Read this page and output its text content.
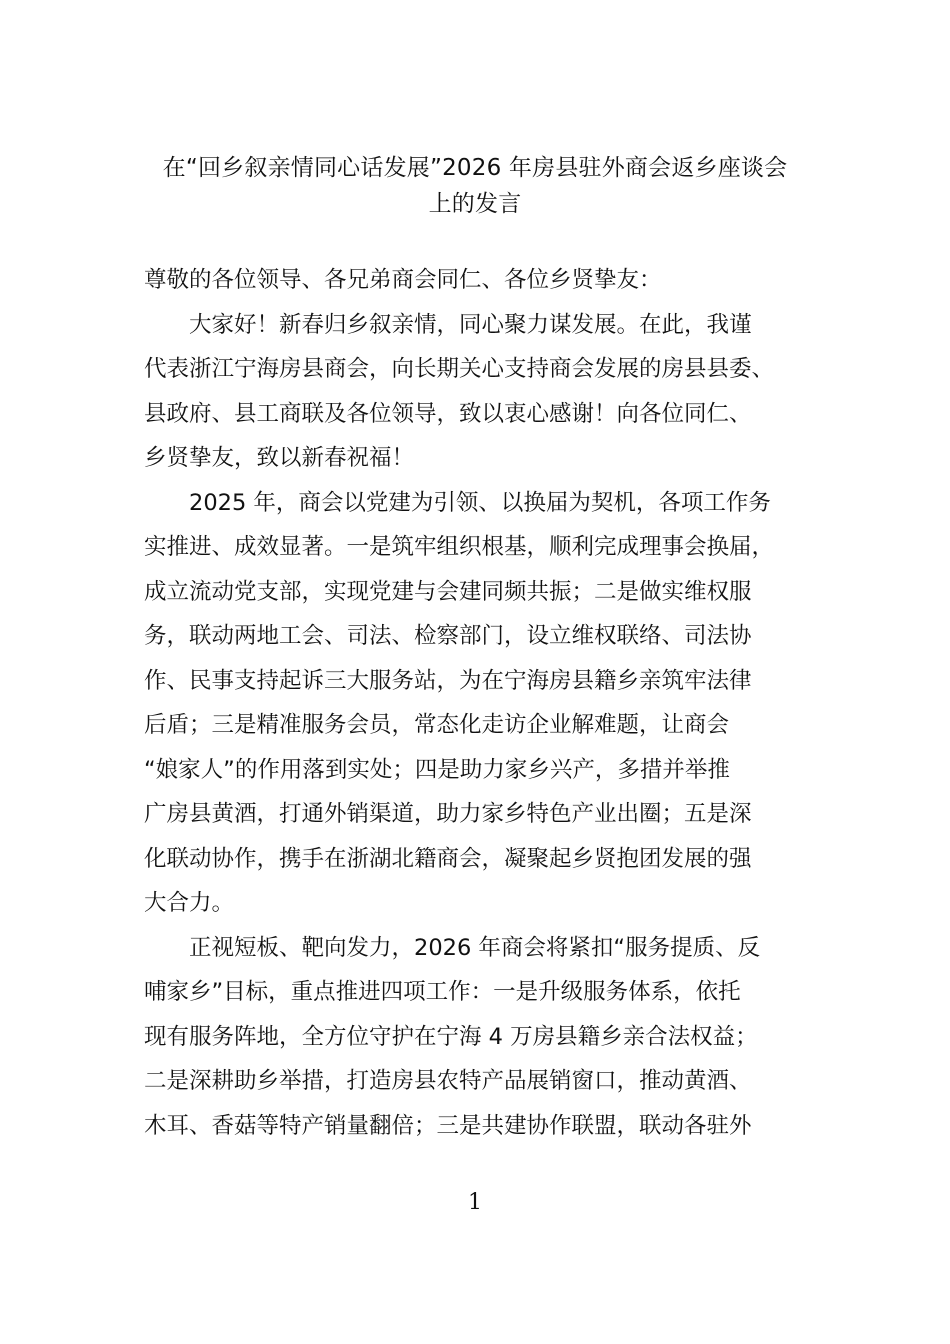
在“回乡叙亲情同心话发展”2026 年房县驻外商会返乡座谈会
上的发言

尊敬的各位领导、各兄弟商会同仁、各位乡贤挚友：

大家好！新春归乡叙亲情，同心聚力谋发展。在此，我谨
代表浙江宁海房县商会，向长期关心支持商会发展的房县县委、
县政府、县工商联及各位领导，致以衷心感谢！向各位同仁、
乡贤挚友，致以新春祝福！
2025 年，商会以党建为引领、以换届为契机，各项工作务
实推进、成效显著。一是筑牢组织根基，顺利完成理事会换届，
成立流动党支部，实现党建与会建同频共振；二是做实维权服
务，联动两地工会、司法、检察部门，设立维权联络、司法协
作、民事支持起诉三大服务站，为在宁海房县籍乡亲筑牢法律
后盾；三是精准服务会员，常态化走访企业解难题，让商会
“娘家人”的作用落到实处；四是助力家乡兴产，多措并举推
广房县黄酒，打通外销渠道，助力家乡特色产业出圈；五是深
化联动协作，携手在浙湖北籍商会，凝聚起乡贤抱团发展的强
大合力。
正视短板、靶向发力，2026 年商会将紧扣“服务提质、反
哺家乡”目标，重点推进四项工作：一是升级服务体系，依托
现有服务阵地，全方位守护在宁海 4 万房县籍乡亲合法权益；
二是深耕助乡举措，打造房县农特产品展销窗口，推动黄酒、
木耳、香菇等特产销量翻倍；三是共建协作联盟，联动各驻外
1
